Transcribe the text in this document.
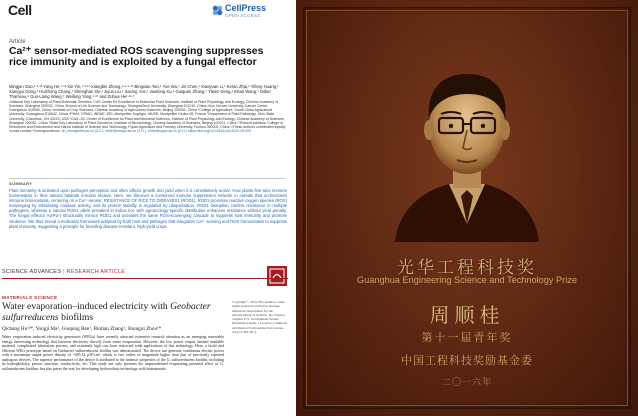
Cell	CellPress
OPEN ACCESS
Article
Ca²⁺ sensor-mediated ROS scavenging suppresses rice immunity and is exploited by a fungal effector
Mingjun Gao,¹·²·¹³ Yang He,¹·¹³ Xin Yin,¹·³·¹³ Xiangbin Zhong,¹·⁴·⁵·¹³ Bingxiao Yan,¹ Yue Wu,¹ Jin Chen,¹ Xiaoyuan Li,¹ Keran Zhai,¹ Yifeng Huang,¹ Xiangyu Gong,¹ Huizhong Chang,¹ Shenghan Xie,¹ Jiyun Liu,¹ Jiaxing Yue,¹ Jianlong Xu,⁶ Guiquan Zhang,⁷ Yiwen Deng,¹ Ertao Wang,¹ Didier Tharreau,⁸ Guo-Liang Wang,⁹ Weibing Yang,¹·¹⁰ and Zuhua He¹·¹¹·*
¹National Key Laboratory of Plant Molecular Genetics, CAS Center for Excellence in Molecular Plant Sciences, Institute of Plant Physiology and Ecology, Chinese Academy of Sciences, Shanghai 200032, China ²School of Life Science and Technology, ShanghaiTech University, Shanghai 201210, China ³Sun Yat-sen University Cancer Center, Guangzhou 510060, China ⁴Institute of Crop Sciences, Chinese Academy of Agricultural Sciences, Beijing 100081, China ⁵College of Agriculture, South China Agricultural University, Guangzhou 510642, China ⁶PHIM, CIRAD, INRAE, IRD, Montpellier SupAgro, MUSE, Montpellier Cedex 05, France ⁷Department of Plant Pathology, Ohio State University, Columbus, OH 43210, USA ⁸CAS–JIC Center of Excellence for Plant and Microbial Sciences, Institute of Plant Physiology and Ecology, Chinese Academy of Sciences, Shanghai 200032, China ⁹State Key Laboratory of Plant Genomics, Institute of Microbiology, Chinese Academy of Sciences, Beijing 100101, China ¹⁰Present address: College of Resources and Environment and Haixia Institute of Science and Technology, Fujian Agriculture and Forestry University, Fuzhou 350002, China ¹¹These authors contributed equally ¹²Lead contact *Correspondence: zh_zhou@sibs.ac.cn (Z.Z.), zhhe@cemps.ac.cn (Z.H.), zhhe@sippe.ac.cn (Z.H.) https://doi.org/10.1016/j.cell.2021.09.009
SUMMARY
Plant immunity is activated upon pathogen perception and often affects growth and yield when it is constitutively active. How plants fine-tune immune homeostasis in their natural habitats remains elusive. Here, we discover a conserved immune suppression network in cereals that orchestrates immune homeostasis, centering on a Ca²⁺-sensor, RESISTANCE OF RICE TO DISEASES1 (ROD1). ROD1 promotes reactive oxygen species (ROS) scavenging by stimulating catalase activity, and its protein stability is regulated by ubiquitination. ROD1 disruption confers resistance to multiple pathogens, whereas a natural ROD1 allele prevalent in indica rice with agroecology-specific distribution enhances resistance without yield penalty. The fungal effector AvrPiz-t structurally mimics ROD1 and activates the same ROS-scavenging cascade to suppress host immunity and promote virulence. We thus reveal a molecular framework adopted by both host and pathogen that integrates Ca²⁺ sensing and ROS homeostasis to suppress plant immunity, suggesting a principle for breeding disease-resistant, high-yield crops.
SCIENCE ADVANCES | RESEARCH ARTICLE
MATERIALS SCIENCE
Water evaporation–induced electricity with Geobacter sulfurreducens biofilms
Qichang Hu¹²*, Yongji Ma¹, Guoping Ren¹, Bintian Zhang², Shungui Zhou¹*
Water evaporation–induced electricity generators (WEGs) have recently attracted extensive research attention as an emerging renewable energy–harvesting technology that harvests electricity directly from water evaporation. However, the low power output, limited available material, complicated fabrication process, and extremely high cost have restricted wide applications of this technology. Here, a facile and efficient WEG prototype based on Geobacter sulfurreducens biofilm was demonstrated. The device can generate continuous electric power with a maximum output power density of ~685.12 µW/cm², which is two orders of magnitude higher than that of previously reported analogous devices. The superior performance of the device is attributed to the intrinsic properties of the G. sulfurreducens biofilm, including its hydrophilicity, porous structure, conductivity, etc. This study not only presents the unprecedented evaporating potential effect of G. sulfurreducens biofilms but also paves the way for developing hydrovoltaic technology with biomaterials.
Copyright © 2022 The Authors, some rights reserved; exclusive licensee American Association for the Advancement of Science. No claim to original U.S. Government Works. Distributed under a Creative Commons Attribution NonCommercial License 4.0 (CC BY-NC).
光华工程科技奖
Guanghua Engineering Science and Technology Prize
周顺桂
第十一届青年奖
中国工程科技奖励基金委
二〇一六年
